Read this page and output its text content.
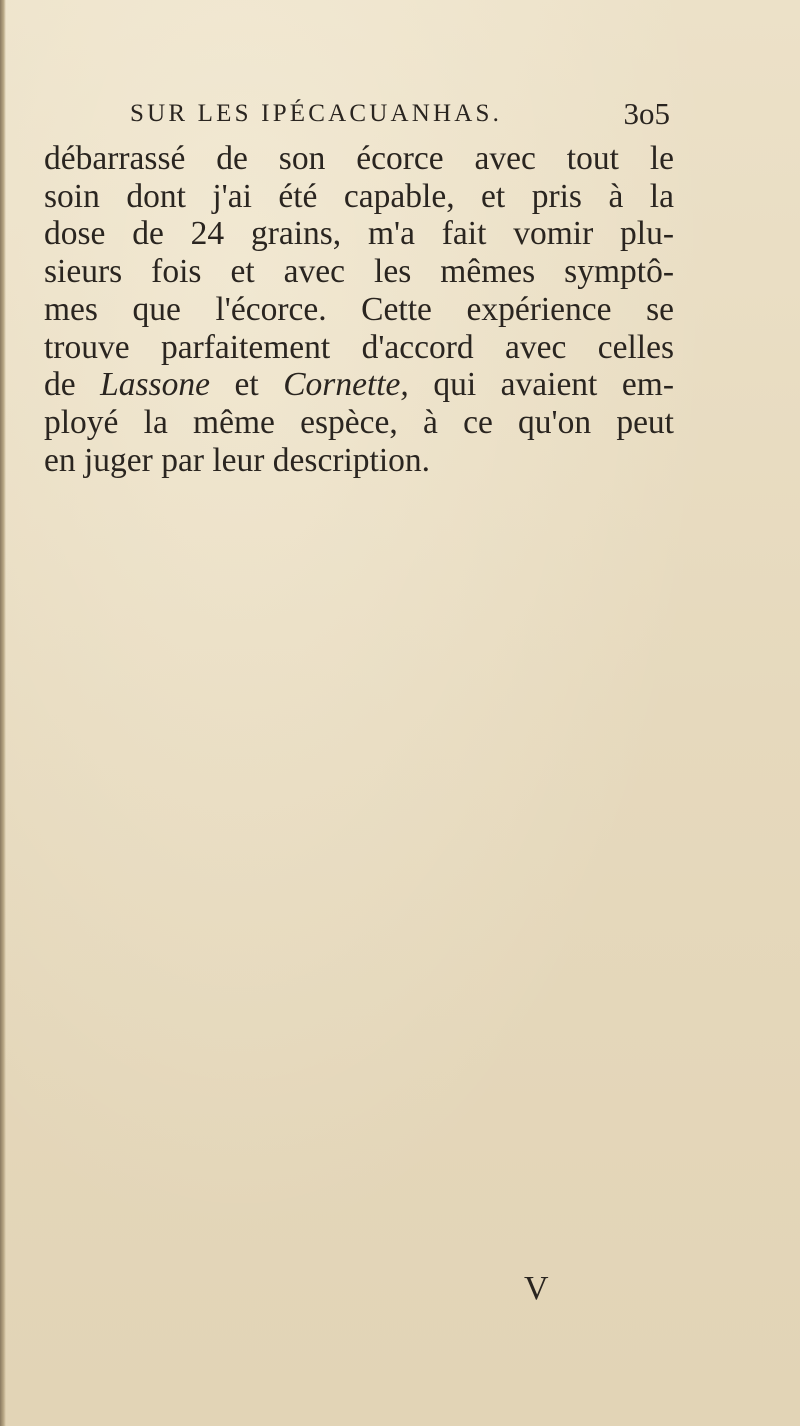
SUR LES IPÉCACUANHAS.	3o5
débarrassé de son écorce avec tout le
soin dont j'ai été capable, et pris à la
dose de 24 grains, m'a fait vomir plu-
sieurs fois et avec les mêmes symptô-
mes que l'écorce. Cette expérience se
trouve parfaitement d'accord avec celles
de Lassone et Cornette, qui avaient em-
ployé la même espèce, à ce qu'on peut
en juger par leur description.
V
